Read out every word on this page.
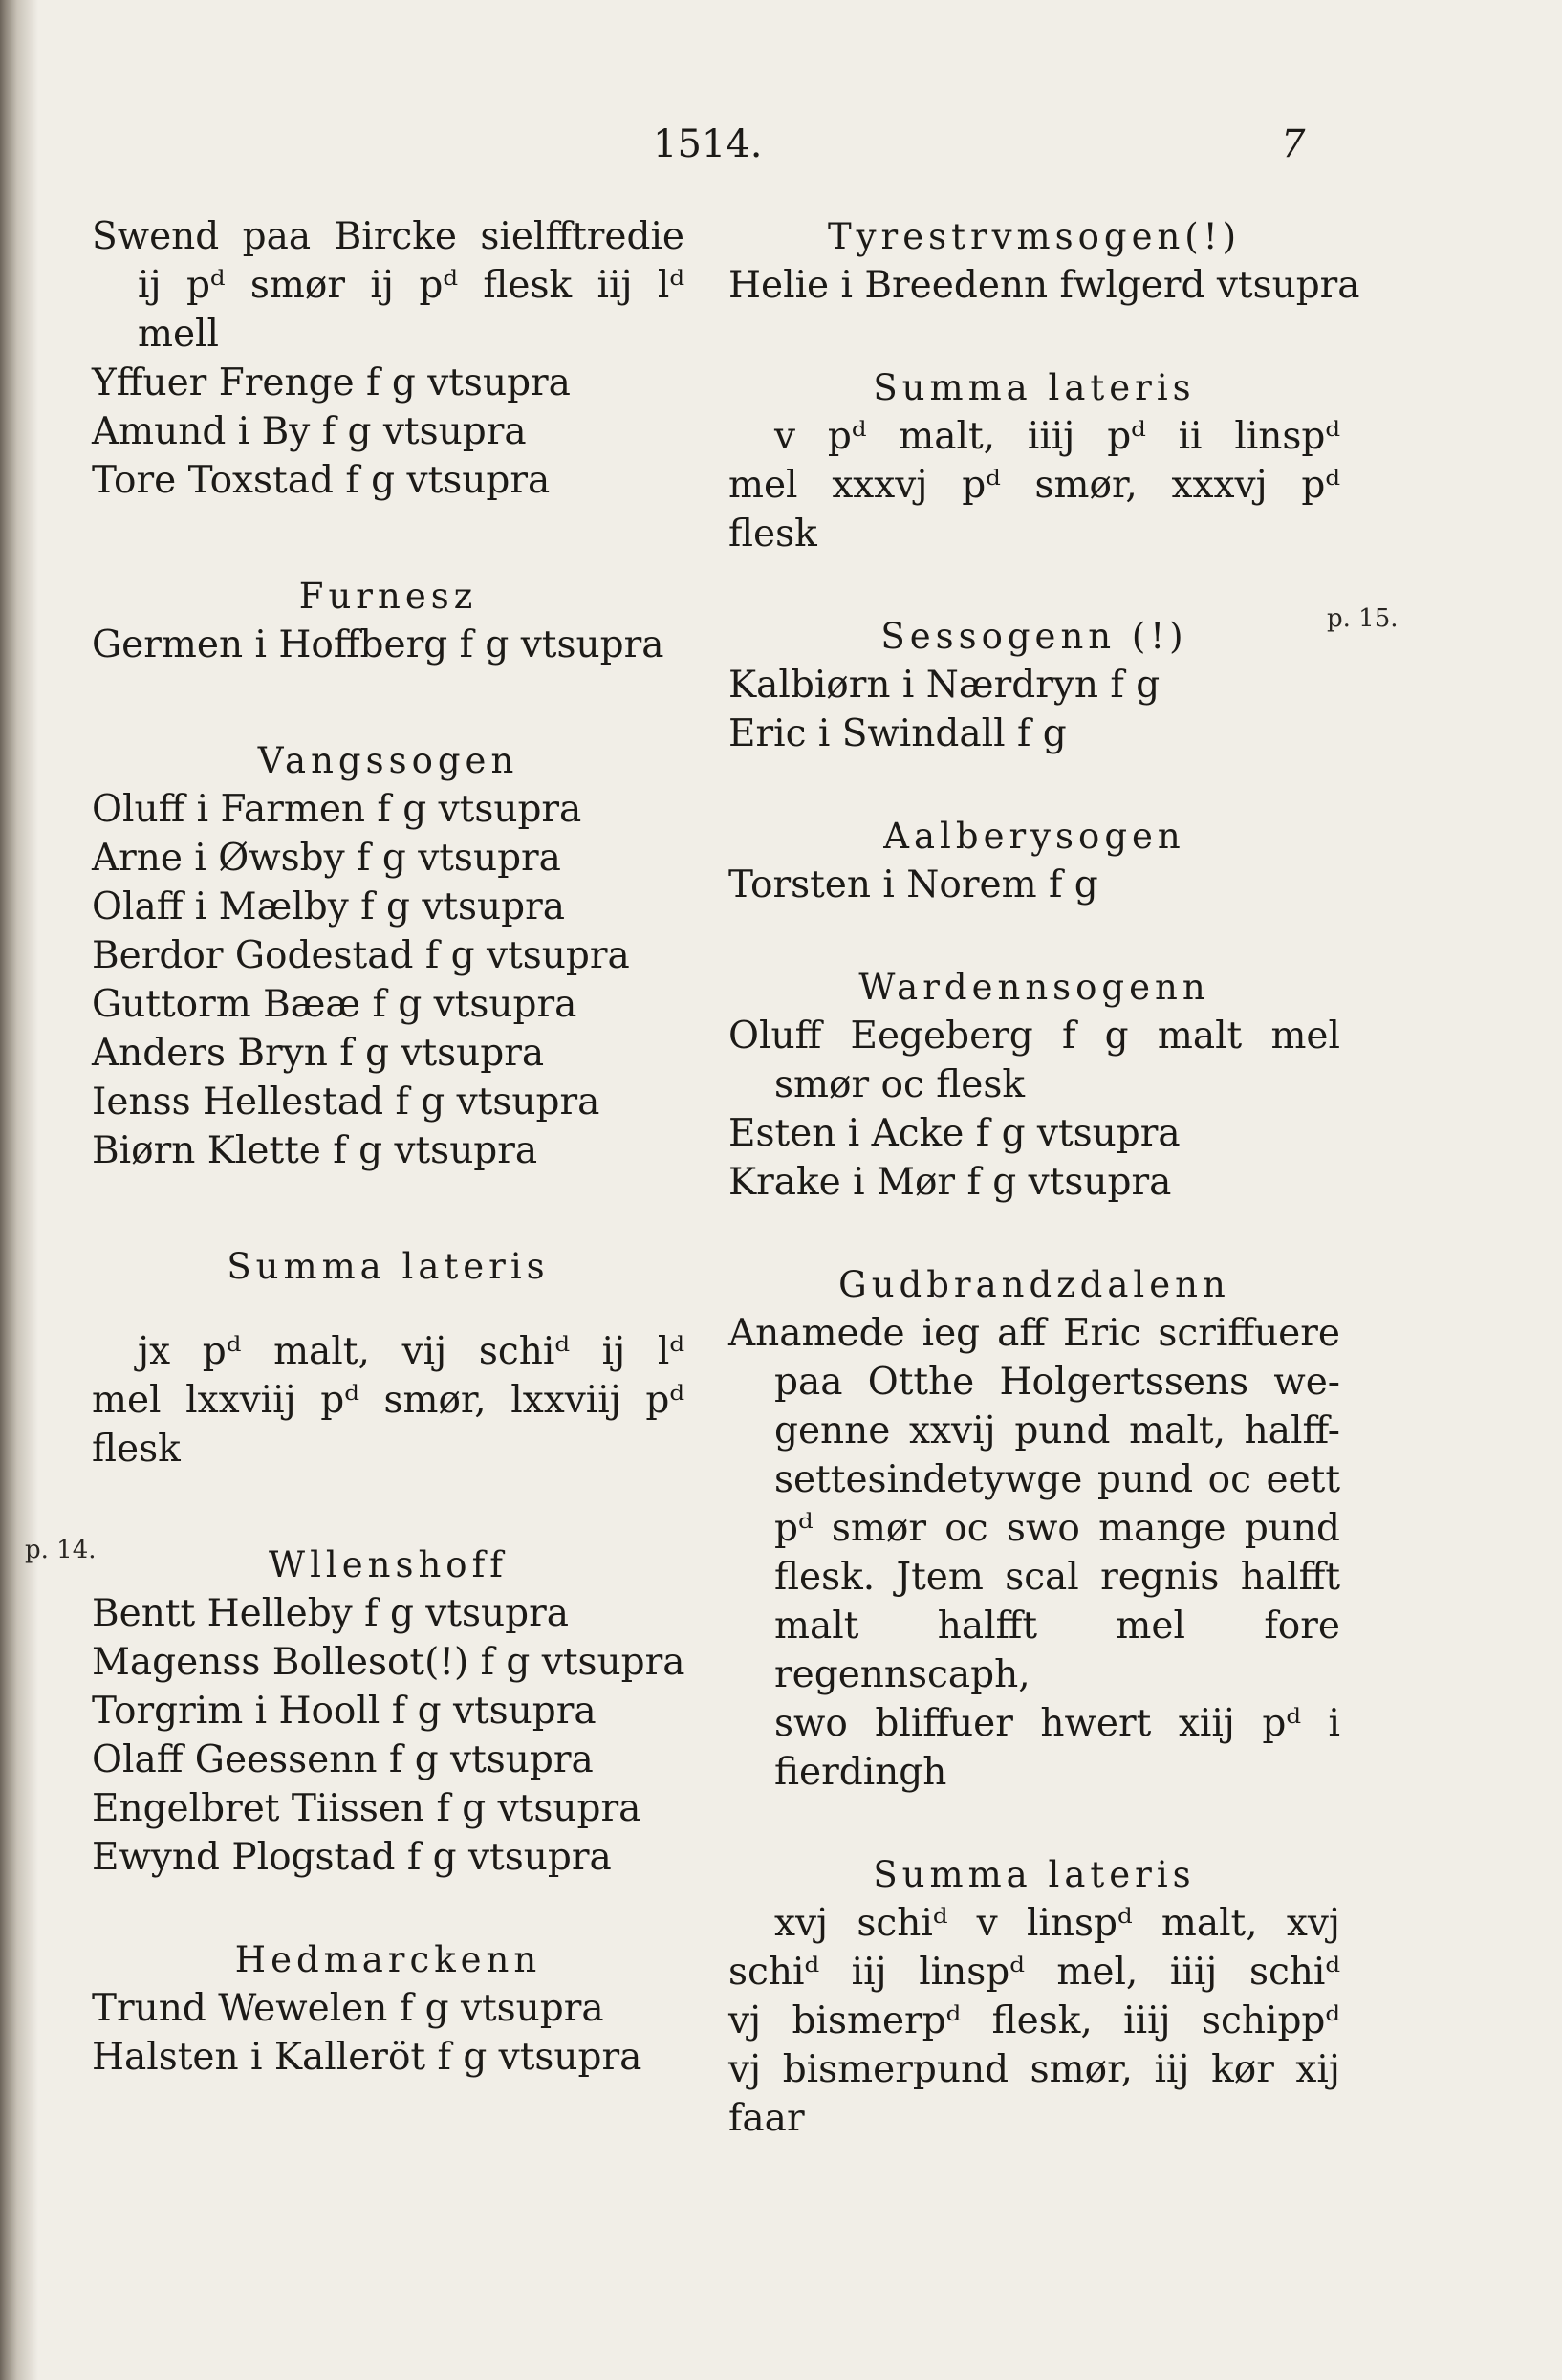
1514.	7
p. 14.
p. 15.
Swend paa Bircke sielfftredie
ij pᵈ smør ij pᵈ flesk iij lᵈ
mell
Yffuer Frenge f g vtsupra
Amund i By f g vtsupra
Tore Toxstad f g vtsupra
Furnesz
Germen i Hoffberg f g vtsupra
Vangssogen
Oluff i Farmen f g vtsupra
Arne i Øwsby f g vtsupra
Olaff i Mælby f g vtsupra
Berdor Godestad f g vtsupra
Guttorm Bææ f g vtsupra
Anders Bryn f g vtsupra
Ienss Hellestad f g vtsupra
Biørn Klette f g vtsupra
Summa lateris
jx pᵈ malt, vij schiᵈ ij lᵈ
mel lxxviij pᵈ smør, lxxviij pᵈ
flesk
Wllenshoff
Bentt Helleby f g vtsupra
Magenss Bollesot(!) f g vtsupra
Torgrim i Hooll f g vtsupra
Olaff Geessenn f g vtsupra
Engelbret Tiissen f g vtsupra
Ewynd Plogstad f g vtsupra
Hedmarckenn
Trund Wewelen f g vtsupra
Halsten i Kalleröt f g vtsupra
Tyrestrvmsogen(!)
Helie i Breedenn fwlgerd vtsupra
Summa lateris
v pᵈ malt, iiij pᵈ ii linspᵈ
mel xxxvj pᵈ smør, xxxvj pᵈ
flesk
Sessogenn (!)
Kalbiørn i Nærdryn f g
Eric i Swindall f g
Aalberysogen
Torsten i Norem f g
Wardennsogenn
Oluff Eegeberg f g malt mel
smør oc flesk
Esten i Acke f g vtsupra
Krake i Mør f g vtsupra
Gudbrandzdalenn
Anamede ieg aff Eric scriffuere
paa Otthe Holgertssens we-
genne xxvij pund malt, halff-
settesindetywge pund oc eett
pᵈ smør oc swo mange pund
flesk. Jtem scal regnis halfft
malt halfft mel fore regennscaph,
swo bliffuer hwert xiij pᵈ i
fierdingh
Summa lateris
xvj schiᵈ v linspᵈ malt, xvj
schiᵈ iij linspᵈ mel, iiij schiᵈ
vj bismerpᵈ flesk, iiij schippᵈ
vj bismerpund smør, iij kør xij
faar
